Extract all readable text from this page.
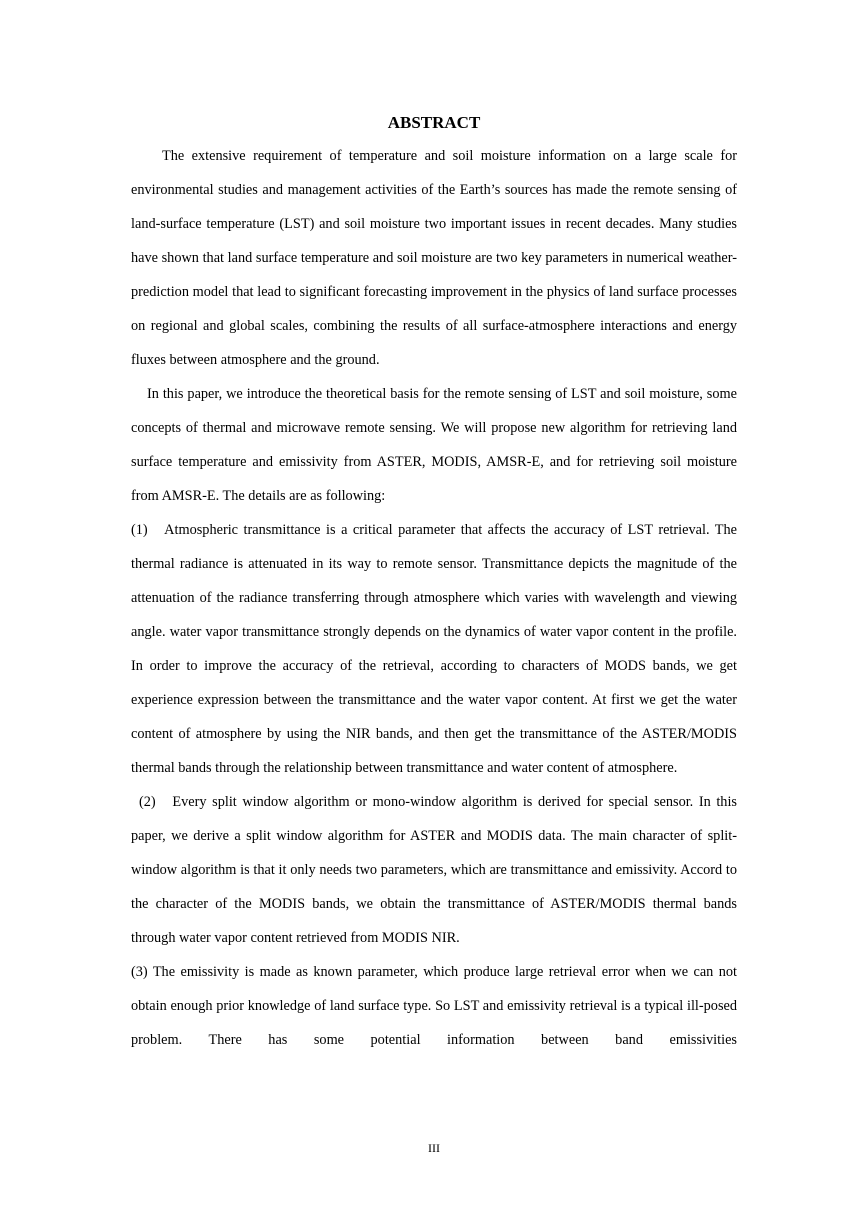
ABSTRACT

The extensive requirement of temperature and soil moisture information on a large scale for environmental studies and management activities of the Earth’s sources has made the remote sensing of land-surface temperature (LST) and soil moisture two important issues in recent decades. Many studies have shown that land surface temperature and soil moisture are two key parameters in numerical weather-prediction model that lead to significant forecasting improvement in the physics of land surface processes on regional and global scales, combining the results of all surface-atmosphere interactions and energy fluxes between atmosphere and the ground.

In this paper, we introduce the theoretical basis for the remote sensing of LST and soil moisture, some concepts of thermal and microwave remote sensing. We will propose new algorithm for retrieving land surface temperature and emissivity from ASTER, MODIS, AMSR-E, and for retrieving soil moisture from AMSR-E. The details are as following:

(1)   Atmospheric transmittance is a critical parameter that affects the accuracy of LST retrieval. The thermal radiance is attenuated in its way to remote sensor. Transmittance depicts the magnitude of the attenuation of the radiance transferring through atmosphere which varies with wavelength and viewing angle. water vapor transmittance strongly depends on the dynamics of water vapor content in the profile. In order to improve the accuracy of the retrieval, according to characters of MODS bands, we get experience expression between the transmittance and the water vapor content. At first we get the water content of atmosphere by using the NIR bands, and then get the transmittance of the ASTER/MODIS thermal bands through the relationship between transmittance and water content of atmosphere.

(2)   Every split window algorithm or mono-window algorithm is derived for special sensor. In this paper, we derive a split window algorithm for ASTER and MODIS data. The main character of split-window algorithm is that it only needs two parameters, which are transmittance and emissivity. Accord to the character of the MODIS bands, we obtain the transmittance of ASTER/MODIS thermal bands through water vapor content retrieved from MODIS NIR.

(3) The emissivity is made as known parameter, which produce large retrieval error when we can not obtain enough prior knowledge of land surface type. So LST and emissivity retrieval is a typical ill-posed problem. There has some potential information between band emissivities

III
